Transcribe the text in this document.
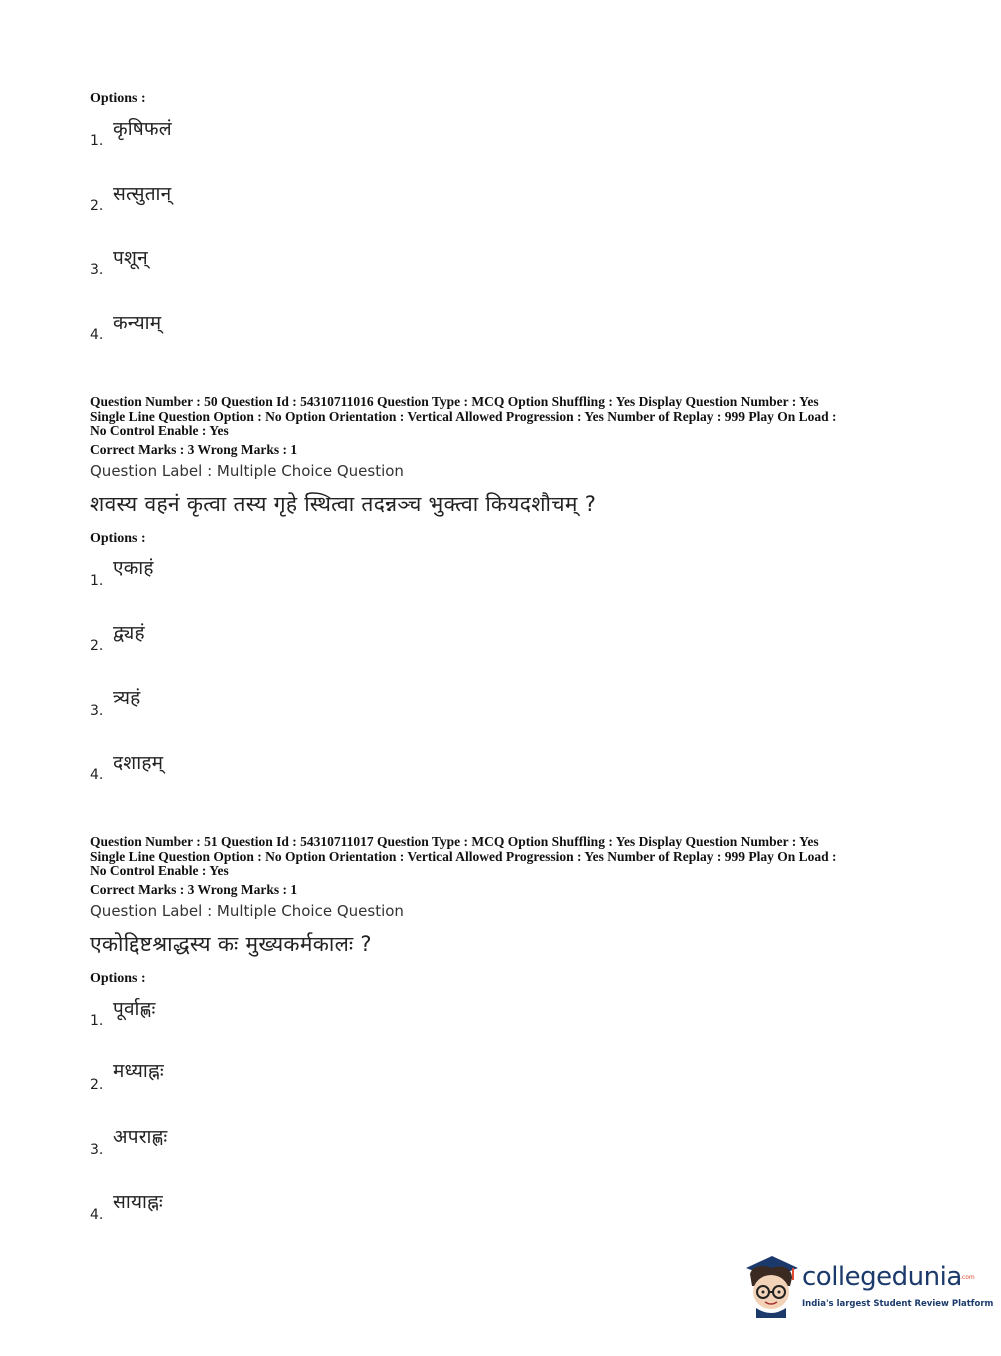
Options :
1.
कृषिफलं
2.
सत्सुतान्
3.
पशून्
4.
कन्याम्
Question Number : 50 Question Id : 54310711016 Question Type : MCQ Option Shuffling : Yes Display Question Number : Yes
Single Line Question Option : No Option Orientation : Vertical Allowed Progression : Yes Number of Replay : 999 Play On Load :
No Control Enable : Yes
Correct Marks : 3 Wrong Marks : 1
Question Label : Multiple Choice Question
शवस्य वहनं कृत्वा तस्य गृहे स्थित्वा तदन्नञ्च भुक्त्वा कियदशौचम् ?
Options :
1.
एकाहं
2.
द्व्यहं
3.
त्र्यहं
4.
दशाहम्
Question Number : 51 Question Id : 54310711017 Question Type : MCQ Option Shuffling : Yes Display Question Number : Yes
Single Line Question Option : No Option Orientation : Vertical Allowed Progression : Yes Number of Replay : 999 Play On Load :
No Control Enable : Yes
Correct Marks : 3 Wrong Marks : 1
Question Label : Multiple Choice Question
एकोद्दिष्टश्राद्धस्य कः मुख्यकर्मकालः ?
Options :
1.
पूर्वाह्णः
2.
मध्याह्नः
3.
अपराह्णः
4.
सायाह्नः
collegedunia
.com
India's largest Student Review Platform
